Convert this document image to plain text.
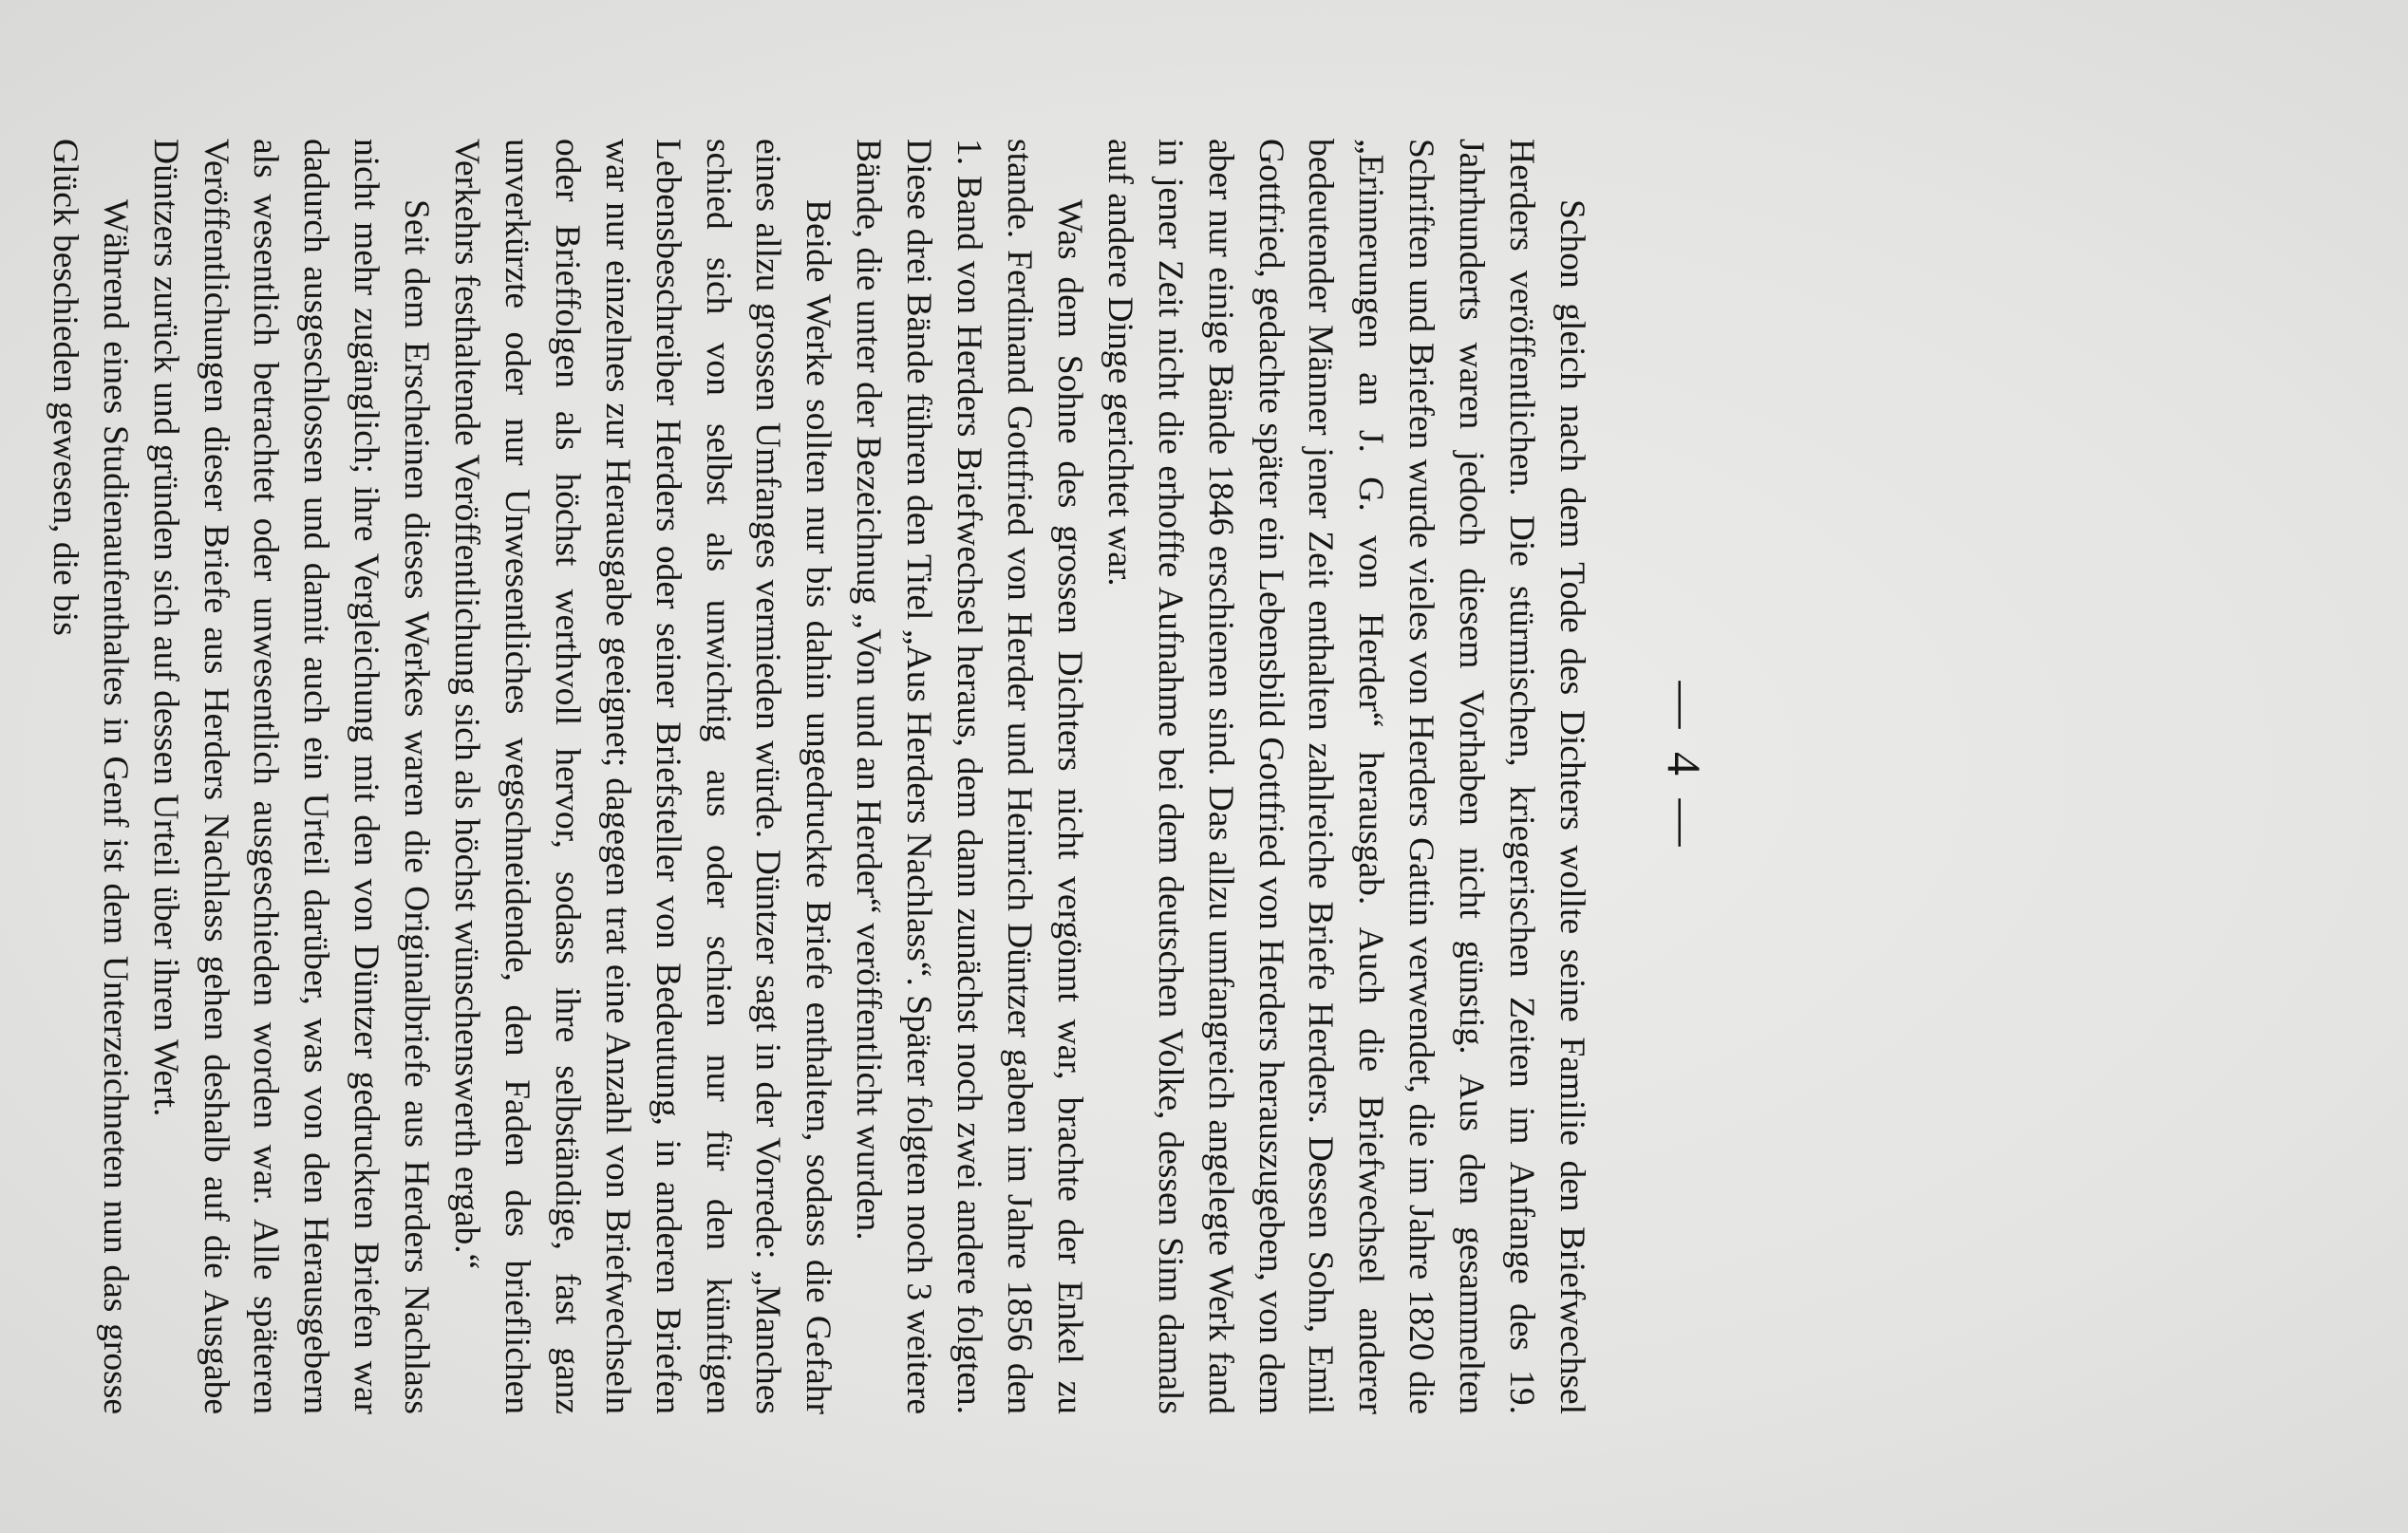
— 4 —

Schon gleich nach dem Tode des Dichters wollte seine Familie den Briefwechsel Herders veröffentlichen. Die stürmischen, kriegerischen Zeiten im Anfange des 19. Jahrhunderts waren jedoch diesem Vorhaben nicht günstig. Aus den gesammelten Schriften und Briefen wurde vieles von Herders Gattin verwendet, die im Jahre 1820 die „Erinnerungen an J. G. von Herder“ herausgab. Auch die Briefwechsel anderer bedeutender Männer jener Zeit enthalten zahlreiche Briefe Herders. Dessen Sohn, Emil Gottfried, gedachte später ein Lebensbild Gottfried von Herders herauszugeben, von dem aber nur einige Bände 1846 erschienen sind. Das allzu umfangreich angelegte Werk fand in jener Zeit nicht die erhoffte Aufnahme bei dem deutschen Volke, dessen Sinn damals auf andere Dinge gerichtet war.

Was dem Sohne des grossen Dichters nicht vergönnt war, brachte der Enkel zu stande. Ferdinand Gottfried von Herder und Heinrich Düntzer gaben im Jahre 1856 den 1. Band von Herders Briefwechsel heraus, dem dann zunächst noch zwei andere folgten. Diese drei Bände führen den Titel „Aus Herders Nachlass“. Später folgten noch 3 weitere Bände, die unter der Bezeichnug „Von und an Herder“ veröffentlicht wurden.

Beide Werke sollten nur bis dahin ungedruckte Briefe enthalten, sodass die Gefahr eines allzu grossen Umfanges vermieden würde. Düntzer sagt in der Vorrede: „Manches schied sich von selbst als unwichtig aus oder schien nur für den künftigen Lebensbeschreiber Herders oder seiner Briefsteller von Bedeutung, in anderen Briefen war nur einzelnes zur Herausgabe geeignet; dagegen trat eine Anzahl von Briefwechseln oder Brieffolgen als höchst werthvoll hervor, sodass ihre selbständige, fast ganz unverkürzte oder nur Unwesentliches wegschneidende, den Faden des brieflichen Verkehrs festhaltende Veröffentlichung sich als höchst wünschenswerth ergab.“

Seit dem Erscheinen dieses Werkes waren die Originalbriefe aus Herders Nachlass nicht mehr zugänglich; ihre Vergleichung mit den von Düntzer gedruckten Briefen war dadurch ausgeschlossen und damit auch ein Urteil darüber, was von den Herausgebern als wesentlich betrachtet oder unwesentlich ausgeschieden worden war. Alle späteren Veröffentlichungen dieser Briefe aus Herders Nachlass gehen deshalb auf die Ausgabe Düntzers zurück und gründen sich auf dessen Urteil über ihren Wert.

Während eines Studienaufenthaltes in Genf ist dem Unterzeichneten nun das grosse Glück beschieden gewesen, die bis
